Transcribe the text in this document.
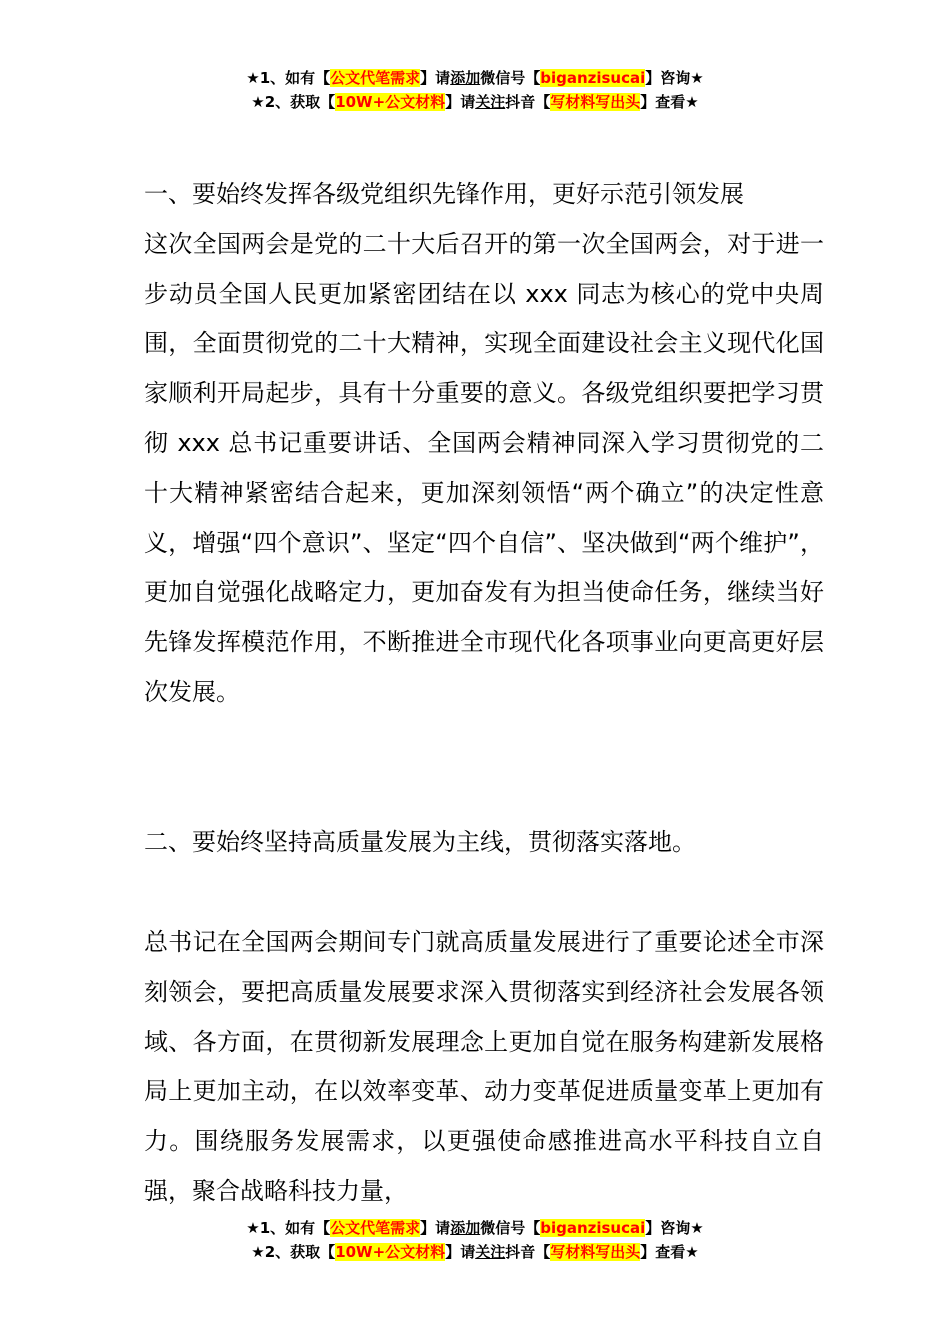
★1、如有【公文代笔需求】请添加微信号【biganzisucai】咨询★
★2、获取【10W+公文材料】请关注抖音【写材料写出头】查看★

一、要始终发挥各级党组织先锋作用，更好示范引领发展

这次全国两会是党的二十大后召开的第一次全国两会，对于进一步动员全国人民更加紧密团结在以 xxx 同志为核心的党中央周围，全面贯彻党的二十大精神，实现全面建设社会主义现代化国家顺利开局起步，具有十分重要的意义。各级党组织要把学习贯彻 xxx 总书记重要讲话、全国两会精神同深入学习贯彻党的二十大精神紧密结合起来，更加深刻领悟“两个确立”的决定性意义，增强“四个意识”、坚定“四个自信”、坚决做到“两个维护”，更加自觉强化战略定力，更加奋发有为担当使命任务，继续当好先锋发挥模范作用，不断推进全市现代化各项事业向更高更好层次发展。

二、要始终坚持高质量发展为主线，贯彻落实落地。

总书记在全国两会期间专门就高质量发展进行了重要论述全市深刻领会，要把高质量发展要求深入贯彻落实到经济社会发展各领域、各方面，在贯彻新发展理念上更加自觉在服务构建新发展格局上更加主动，在以效率变革、动力变革促进质量变革上更加有力。围绕服务发展需求，以更强使命感推进高水平科技自立自强，聚合战略科技力量，

★1、如有【公文代笔需求】请添加微信号【biganzisucai】咨询★
★2、获取【10W+公文材料】请关注抖音【写材料写出头】查看★
